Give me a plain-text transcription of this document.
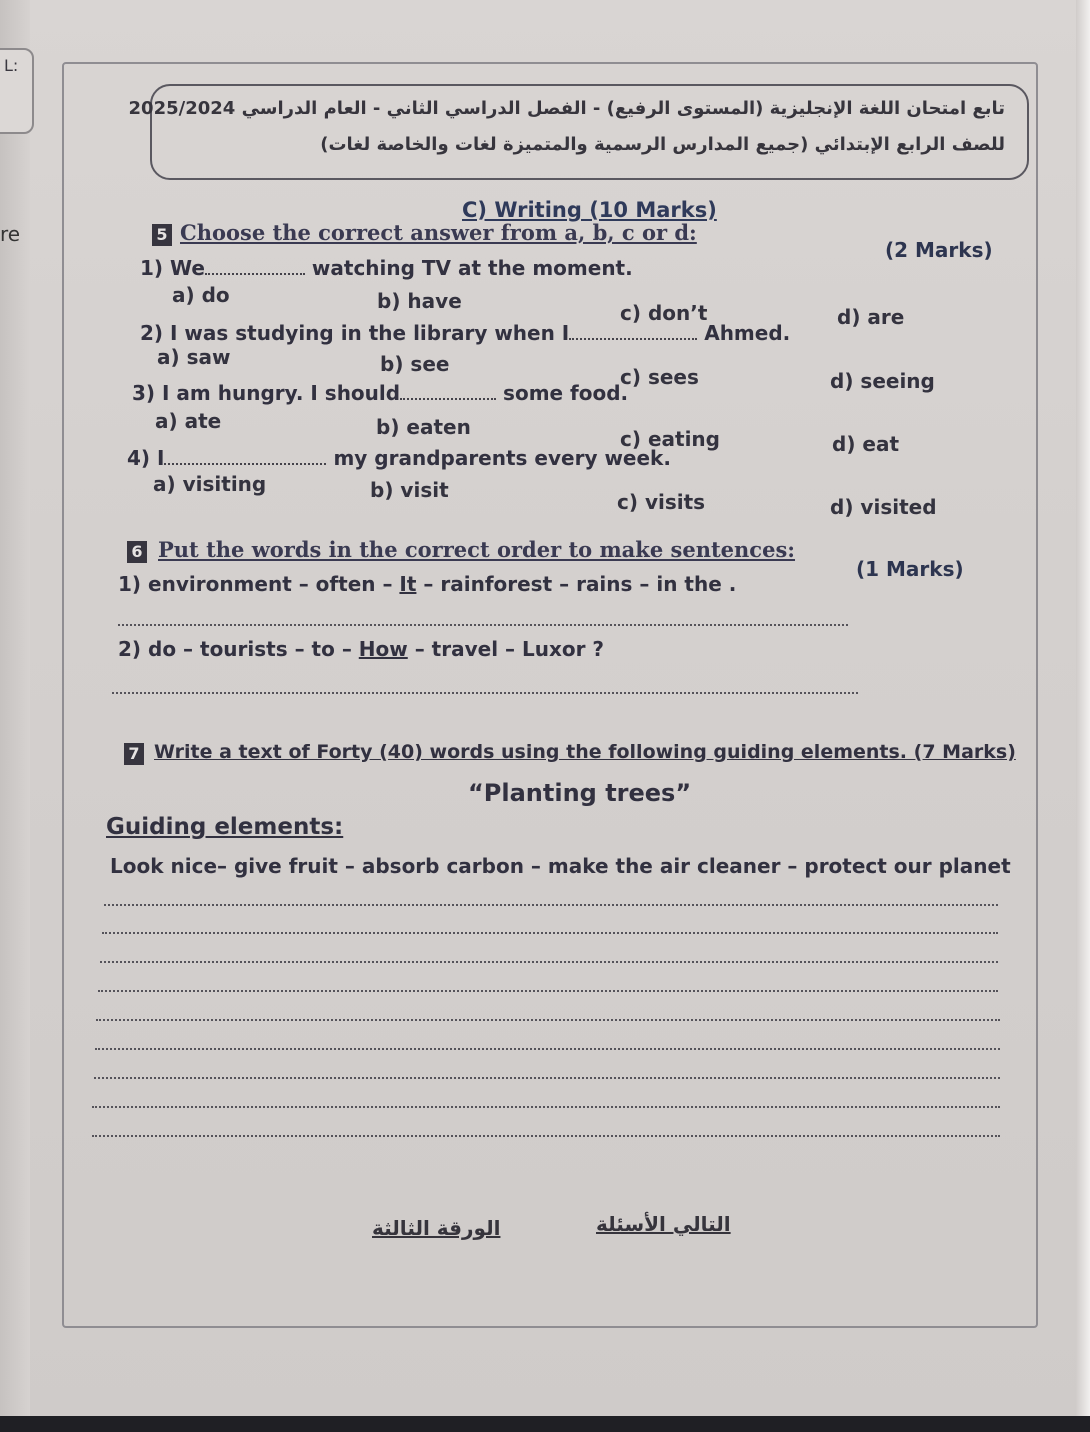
L:
re
تابع امتحان اللغة الإنجليزية (المستوى الرفيع) - الفصل الدراسي الثاني - العام الدراسي 2025/2024
للصف الرابع الإبتدائي (جميع المدارس الرسمية والمتميزة لغات والخاصة لغات)
C) Writing (10 Marks)
5 Choose the correct answer from a, b, c or d:
(2 Marks)
1) We	watching TV at the moment.
a) do	b) have	c) don’t	d) are
2) I was studying in the library when I	Ahmed.
a) saw	b) see
c) sees	d) seeing
3) I am hungry. I should	some food.
a) ate	b) eaten	c) eating	d) eat
4) I	my grandparents every week.
a) visiting	b) visit	c) visits	d) visited
6 Put the words in the correct order to make sentences:
(1 Marks)
1) environment – often – It – rainforest – rains – in the .
2) do – tourists – to – How – travel – Luxor ?
7 Write a text of Forty (40) words using the following guiding elements. (7 Marks)
“Planting trees”
Guiding elements:
Look nice– give fruit – absorb carbon – make the air cleaner – protect our planet
الورقة الثالثة	التالي الأسئلة
